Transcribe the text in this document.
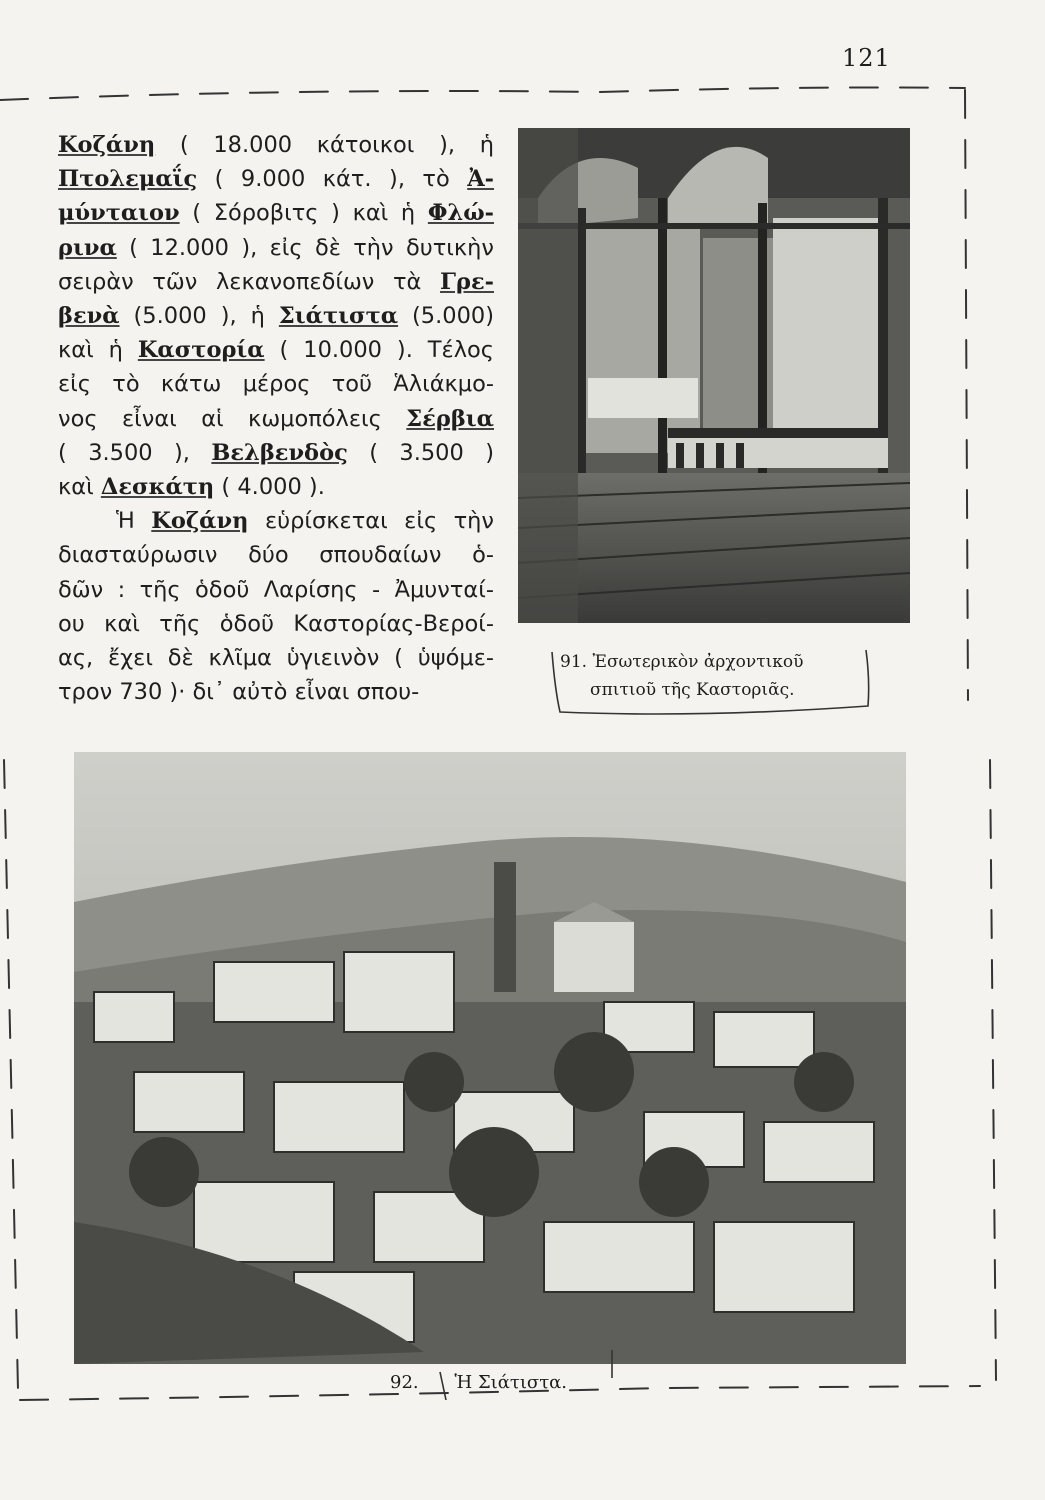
121
Κοζάνη ( 18.000 κάτοικοι ), ἡ
Πτολεμαΐς ( 9.000 κάτ. ), τὸ Ἀ-
μύνταιον ( Σόροβιτς ) καὶ ἡ Φλώ-
ρινα ( 12.000 ), εἰς δὲ τὴν δυτικὴν
σειρὰν τῶν λεκανοπεδίων τὰ Γρε-
βενὰ (5.000 ), ἡ Σιάτιστα (5.000)
καὶ ἡ Καστορία ( 10.000 ). Τέλος
εἰς τὸ κάτω μέρος τοῦ Ἁλιάκμο-
νος εἶναι αἱ κωμοπόλεις Σέρβια
( 3.500 ), Βελβενδὸς ( 3.500 )
καὶ Δεσκάτη ( 4.000 ).
Ἡ Κοζάνη εὑρίσκεται εἰς τὴν
διασταύρωσιν δύο σπουδαίων ὁ-
δῶν : τῆς ὁδοῦ Λαρίσης - Ἀμυνταί-
ου καὶ τῆς ὁδοῦ Καστορίας-Βεροί-
ας, ἔχει δὲ κλῖμα ὑγιεινὸν ( ὑψόμε-
τρον 730 )· δι᾽ αὐτὸ εἶναι σπου-
91. Ἐσωτερικὸν ἀρχοντικοῦ
σπιτιοῦ τῆς Καστοριᾶς.
92. Ἡ Σιάτιστα.
